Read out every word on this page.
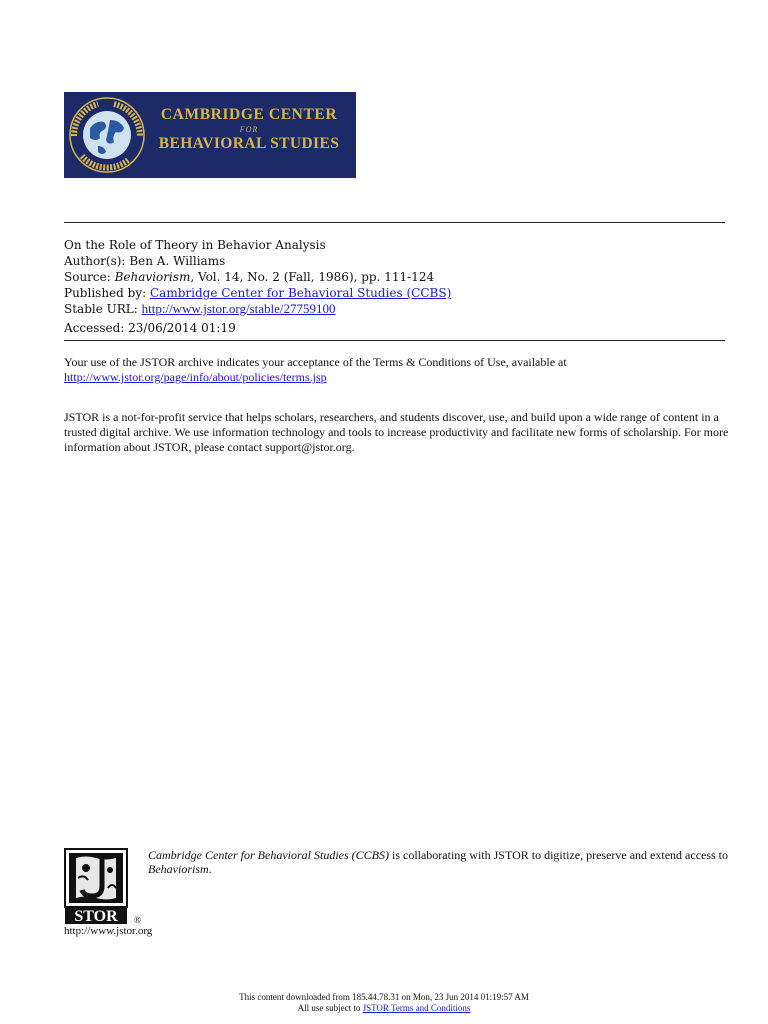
CAMBRIDGE CENTER
FOR
BEHAVIORAL STUDIES
On the Role of Theory in Behavior Analysis
Author(s): Ben A. Williams
Source: Behaviorism, Vol. 14, No. 2 (Fall, 1986), pp. 111-124
Published by: Cambridge Center for Behavioral Studies (CCBS)
Stable URL: http://www.jstor.org/stable/27759100
Accessed: 23/06/2014 01:19
Your use of the JSTOR archive indicates your acceptance of the Terms & Conditions of Use, available at
http://www.jstor.org/page/info/about/policies/terms.jsp
JSTOR is a not-for-profit service that helps scholars, researchers, and students discover, use, and build upon a wide range of content in a trusted digital archive. We use information technology and tools to increase productivity and facilitate new forms of scholarship. For more information about JSTOR, please contact support@jstor.org.
STOR ®
http://www.jstor.org
Cambridge Center for Behavioral Studies (CCBS) is collaborating with JSTOR to digitize, preserve and extend access to Behaviorism.
This content downloaded from 185.44.78.31 on Mon, 23 Jun 2014 01:19:57 AM
All use subject to JSTOR Terms and Conditions
